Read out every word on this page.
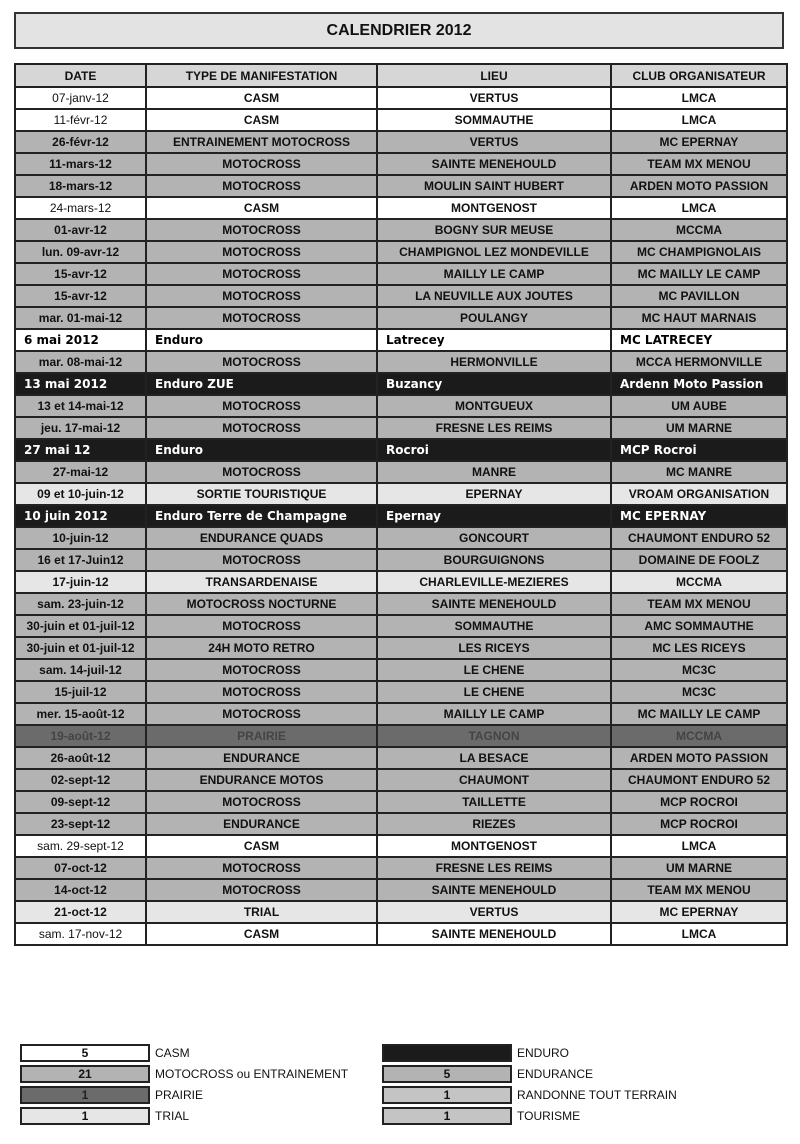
CALENDRIER 2012
DATE	TYPE DE MANIFESTATION	LIEU	CLUB ORGANISATEUR
07-janv-12	CASM	VERTUS	LMCA
11-févr-12	CASM	SOMMAUTHE	LMCA
26-févr-12	ENTRAINEMENT MOTOCROSS	VERTUS	MC EPERNAY
11-mars-12	MOTOCROSS	SAINTE MENEHOULD	TEAM MX MENOU
18-mars-12	MOTOCROSS	MOULIN SAINT HUBERT	ARDEN MOTO PASSION
24-mars-12	CASM	MONTGENOST	LMCA
01-avr-12	MOTOCROSS	BOGNY SUR MEUSE	MCCMA
lun. 09-avr-12	MOTOCROSS	CHAMPIGNOL LEZ MONDEVILLE	MC CHAMPIGNOLAIS
15-avr-12	MOTOCROSS	MAILLY LE CAMP	MC MAILLY LE CAMP
15-avr-12	MOTOCROSS	LA NEUVILLE AUX JOUTES	MC PAVILLON
mar. 01-mai-12	MOTOCROSS	POULANGY	MC HAUT MARNAIS
6 mai 2012	Enduro	Latrecey	MC LATRECEY
mar. 08-mai-12	MOTOCROSS	HERMONVILLE	MCCA HERMONVILLE
13 mai 2012	Enduro ZUE	Buzancy	Ardenn Moto Passion
13 et 14-mai-12	MOTOCROSS	MONTGUEUX	UM AUBE
jeu. 17-mai-12	MOTOCROSS	FRESNE LES REIMS	UM MARNE
27 mai 12	Enduro	Rocroi	MCP Rocroi
27-mai-12	MOTOCROSS	MANRE	MC MANRE
09 et 10-juin-12	SORTIE TOURISTIQUE	EPERNAY	VROAM ORGANISATION
10 juin 2012	Enduro Terre de Champagne	Epernay	MC EPERNAY
10-juin-12	ENDURANCE QUADS	GONCOURT	CHAUMONT ENDURO 52
16 et 17-Juin12	MOTOCROSS	BOURGUIGNONS	DOMAINE DE FOOLZ
17-juin-12	TRANSARDENAISE	CHARLEVILLE-MEZIERES	MCCMA
sam. 23-juin-12	MOTOCROSS NOCTURNE	SAINTE MENEHOULD	TEAM MX MENOU
30-juin et 01-juil-12	MOTOCROSS	SOMMAUTHE	AMC SOMMAUTHE
30-juin et 01-juil-12	24H MOTO RETRO	LES RICEYS	MC LES RICEYS
sam. 14-juil-12	MOTOCROSS	LE CHENE	MC3C
15-juil-12	MOTOCROSS	LE CHENE	MC3C
mer. 15-août-12	MOTOCROSS	MAILLY LE CAMP	MC MAILLY LE CAMP
19-août-12	PRAIRIE	TAGNON	MCCMA
26-août-12	ENDURANCE	LA BESACE	ARDEN MOTO PASSION
02-sept-12	ENDURANCE MOTOS	CHAUMONT	CHAUMONT ENDURO 52
09-sept-12	MOTOCROSS	TAILLETTE	MCP ROCROI
23-sept-12	ENDURANCE	RIEZES	MCP ROCROI
sam. 29-sept-12	CASM	MONTGENOST	LMCA
07-oct-12	MOTOCROSS	FRESNE LES REIMS	UM MARNE
14-oct-12	MOTOCROSS	SAINTE MENEHOULD	TEAM MX MENOU
21-oct-12	TRIAL	VERTUS	MC EPERNAY
sam. 17-nov-12	CASM	SAINTE MENEHOULD	LMCA
5	CASM
21	MOTOCROSS ou ENTRAINEMENT
1	PRAIRIE
1	TRIAL
ENDURO
5	ENDURANCE
1	RANDONNE TOUT TERRAIN
1	TOURISME
